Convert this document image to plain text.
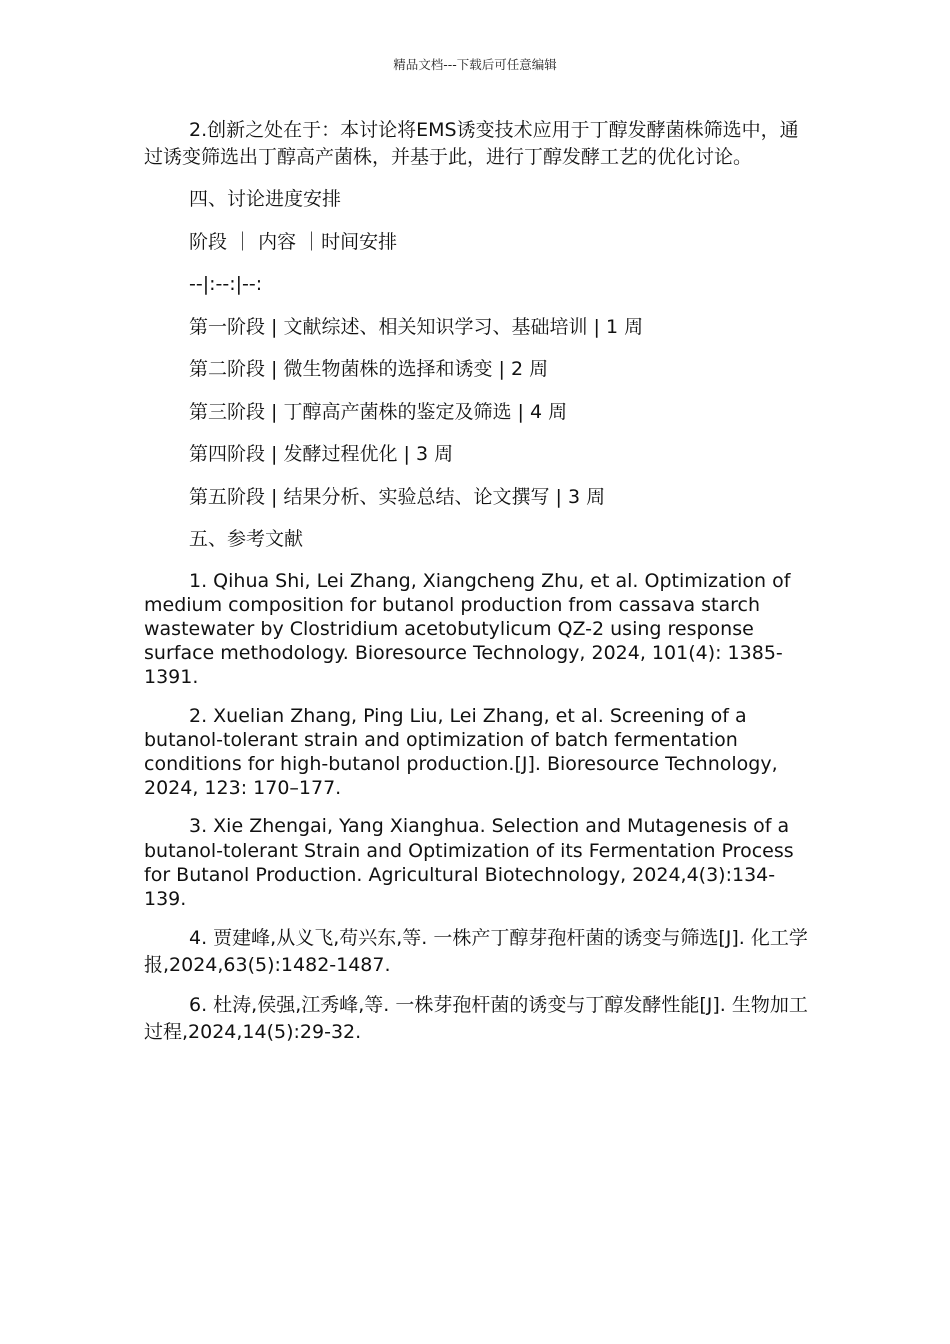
精品文档---下载后可任意编辑

2.创新之处在于：本讨论将EMS诱变技术应用于丁醇发酵菌株筛选中，通过诱变筛选出丁醇高产菌株，并基于此，进行丁醇发酵工艺的优化讨论。

四、讨论进度安排

阶段 ｜ 内容 ｜时间安排

--|:--:|--:

第一阶段 | 文献综述、相关知识学习、基础培训 | 1 周

第二阶段 | 微生物菌株的选择和诱变 | 2 周

第三阶段 | 丁醇高产菌株的鉴定及筛选 | 4 周

第四阶段 | 发酵过程优化 | 3 周

第五阶段 | 结果分析、实验总结、论文撰写 | 3 周

五、参考文献

1. Qihua Shi, Lei Zhang, Xiangcheng Zhu, et al. Optimization of medium composition for butanol production from cassava starch wastewater by Clostridium acetobutylicum QZ-2 using response surface methodology. Bioresource Technology, 2024, 101(4): 1385-1391.

2. Xuelian Zhang, Ping Liu, Lei Zhang, et al. Screening of a butanol-tolerant strain and optimization of batch fermentation conditions for high-butanol production.[J]. Bioresource Technology, 2024, 123: 170–177.

3. Xie Zhengai, Yang Xianghua. Selection and Mutagenesis of a butanol-tolerant Strain and Optimization of its Fermentation Process for Butanol Production. Agricultural Biotechnology, 2024,4(3):134-139.

4. 贾建峰,从义飞,苟兴东,等. 一株产丁醇芽孢杆菌的诱变与筛选[J]. 化工学报,2024,63(5):1482-1487.

6. 杜涛,侯强,江秀峰,等. 一株芽孢杆菌的诱变与丁醇发酵性能[J]. 生物加工过程,2024,14(5):29-32.
